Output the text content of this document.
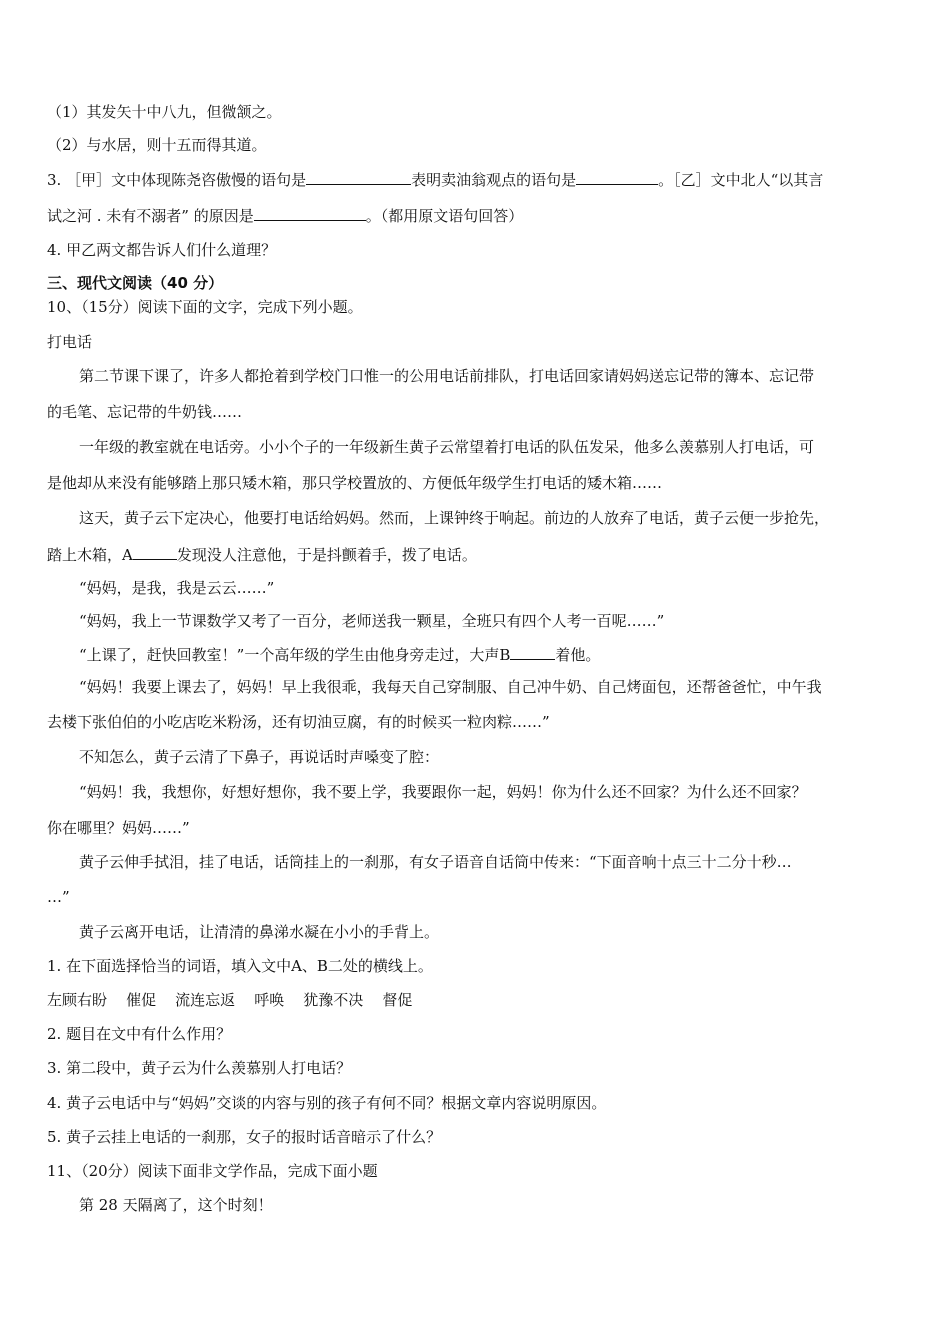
（1）其发矢十中八九，但微颔之。
（2）与水居，则十五而得其道。
3. ［甲］文中体现陈尧咨傲慢的语句是	表明卖油翁观点的语句是	。［乙］文中北人“以其言
试之河 . 未有不溺者” 的原因是	。（都用原文语句回答）
4. 甲乙两文都告诉人们什么道理？
三、现代文阅读（40 分）
10、（15分）阅读下面的文字，完成下列小题。
打电话
第二节课下课了，许多人都抢着到学校门口惟一的公用电话前排队，打电话回家请妈妈送忘记带的簿本、忘记带
的毛笔、忘记带的牛奶钱……
一年级的教室就在电话旁。小小个子的一年级新生黄子云常望着打电话的队伍发呆，他多么羡慕别人打电话，可
是他却从来没有能够踏上那只矮木箱，那只学校置放的、方便低年级学生打电话的矮木箱……
这天，黄子云下定决心，他要打电话给妈妈。然而，上课钟终于响起。前边的人放弃了电话，黄子云便一步抢先，
踏上木箱，A	发现没人注意他，于是抖颤着手，拨了电话。
“妈妈，是我，我是云云……”
“妈妈，我上一节课数学又考了一百分，老师送我一颗星，全班只有四个人考一百呢……”
“上课了，赶快回教室！”一个高年级的学生由他身旁走过，大声B	着他。
“妈妈！我要上课去了，妈妈！早上我很乖，我每天自己穿制服、自己冲牛奶、自己烤面包，还帮爸爸忙，中午我
去楼下张伯伯的小吃店吃米粉汤，还有切油豆腐，有的时候买一粒肉粽……”
不知怎么，黄子云清了下鼻子，再说话时声嗓变了腔：
“妈妈！我，我想你，好想好想你，我不要上学，我要跟你一起，妈妈！你为什么还不回家？为什么还不回家？
你在哪里？妈妈……”
黄子云伸手拭泪，挂了电话，话筒挂上的一刹那，有女子语音自话筒中传来：“下面音响十点三十二分十秒…
…”
黄子云离开电话，让清清的鼻涕水凝在小小的手背上。
1. 在下面选择恰当的词语，填入文中A、B二处的横线上。
左顾右盼    催促    流连忘返    呼唤    犹豫不决    督促
2. 题目在文中有什么作用？
3. 第二段中，黄子云为什么羡慕别人打电话？
4. 黄子云电话中与“妈妈”交谈的内容与别的孩子有何不同？根据文章内容说明原因。
5. 黄子云挂上电话的一刹那，女子的报时话音暗示了什么？
11、（20分）阅读下面非文学作品，完成下面小题
第 28 天隔离了，这个时刻！
